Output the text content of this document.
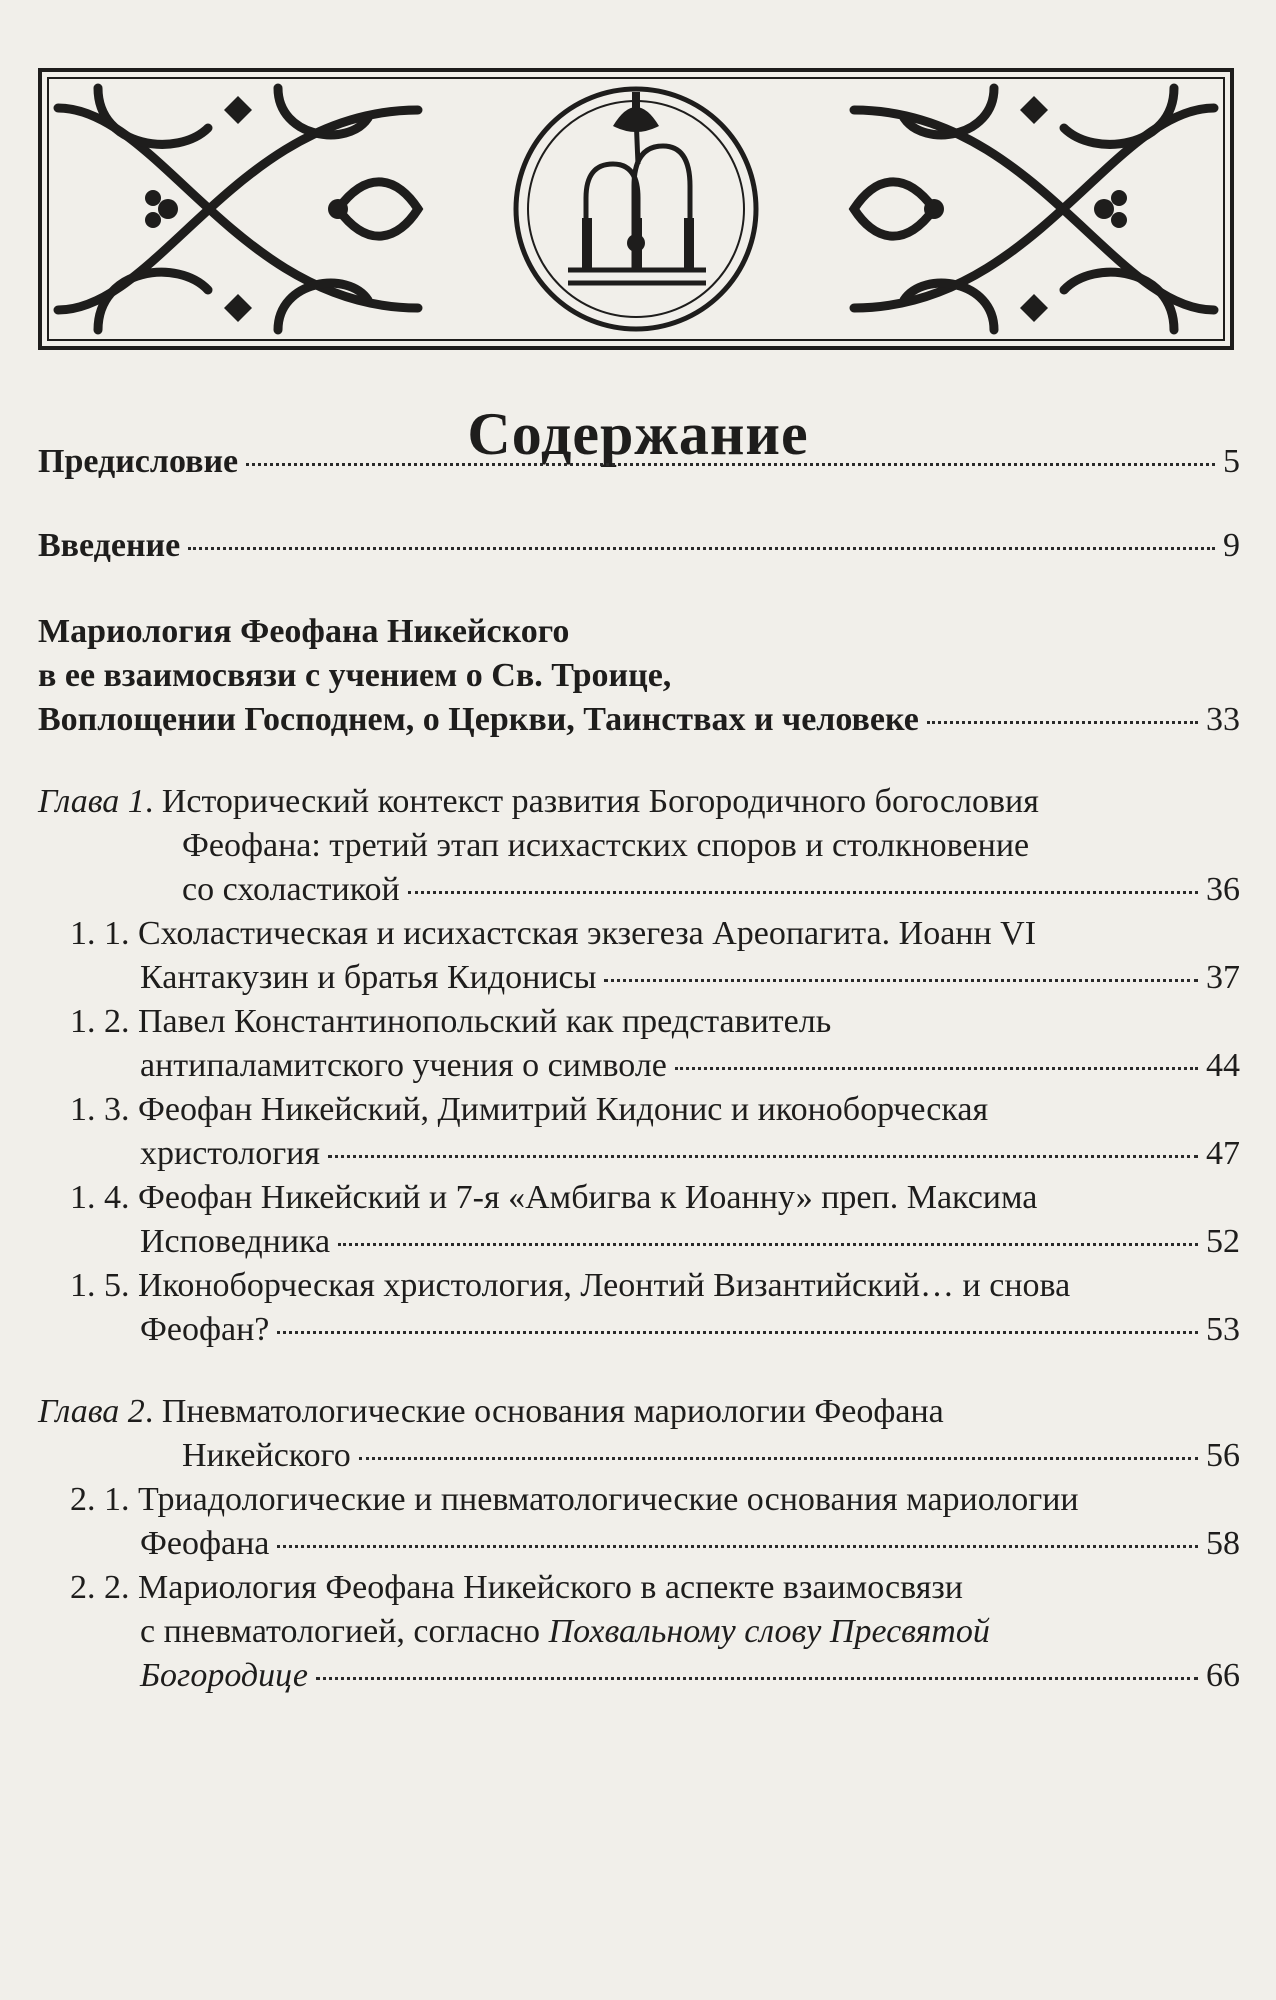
Содержание
Предисловие	5
Введение	9
Мариология Феофана Никейского
в ее взаимосвязи с учением о Св. Троице,
Воплощении Господнем, о Церкви, Таинствах и человеке	33
Глава 1. Исторический контекст развития Богородичного богословия
Феофана: третий этап исихастских споров и столкновение
со схоластикой	36
1. 1. Схоластическая и исихастская экзегеза Ареопагита. Иоанн VI
Кантакузин и братья Кидонисы	37
1. 2. Павел Константинопольский как представитель
антипаламитского учения о символе	44
1. 3. Феофан Никейский, Димитрий Кидонис и иконоборческая
христология	47
1. 4. Феофан Никейский и 7-я «Амбигва к Иоанну» преп. Максима
Исповедника	52
1. 5. Иконоборческая христология, Леонтий Византийский… и снова
Феофан?	53
Глава 2. Пневматологические основания мариологии Феофана
Никейского	56
2. 1. Триадологические и пневматологические основания мариологии
Феофана	58
2. 2. Мариология Феофана Никейского в аспекте взаимосвязи
с пневматологией, согласно Похвальному слову Пресвятой
Богородице	66
